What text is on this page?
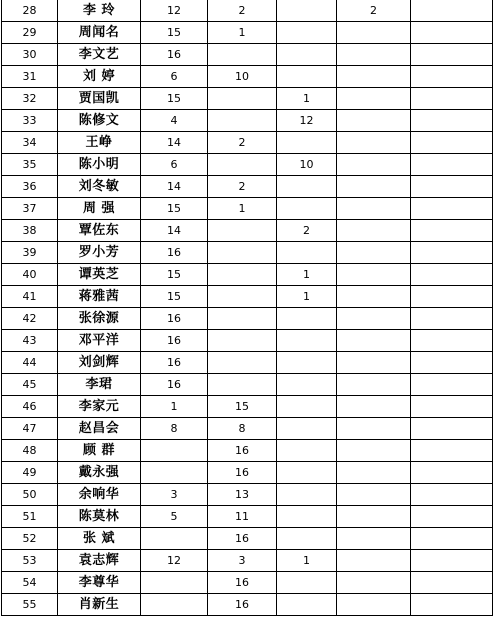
28	李 玲	12	2		2	
29	周闻名	15	1			
30	李文艺	16				
31	刘 婷	6	10			
32	贾国凯	15		1		
33	陈修文	4		12		
34	王峥	14	2			
35	陈小明	6		10		
36	刘冬敏	14	2			
37	周 强	15	1			
38	覃佐东	14		2		
39	罗小芳	16				
40	谭英芝	15		1		
41	蒋雅茜	15		1		
42	张徐源	16				
43	邓平洋	16				
44	刘剑辉	16				
45	李珺	16				
46	李家元	1	15			
47	赵昌会	8	8			
48	顾 群		16			
49	戴永强		16			
50	余响华	3	13			
51	陈莫林	5	11			
52	张 斌		16			
53	袁志辉	12	3	1		
54	李尊华		16			
55	肖新生		16			
